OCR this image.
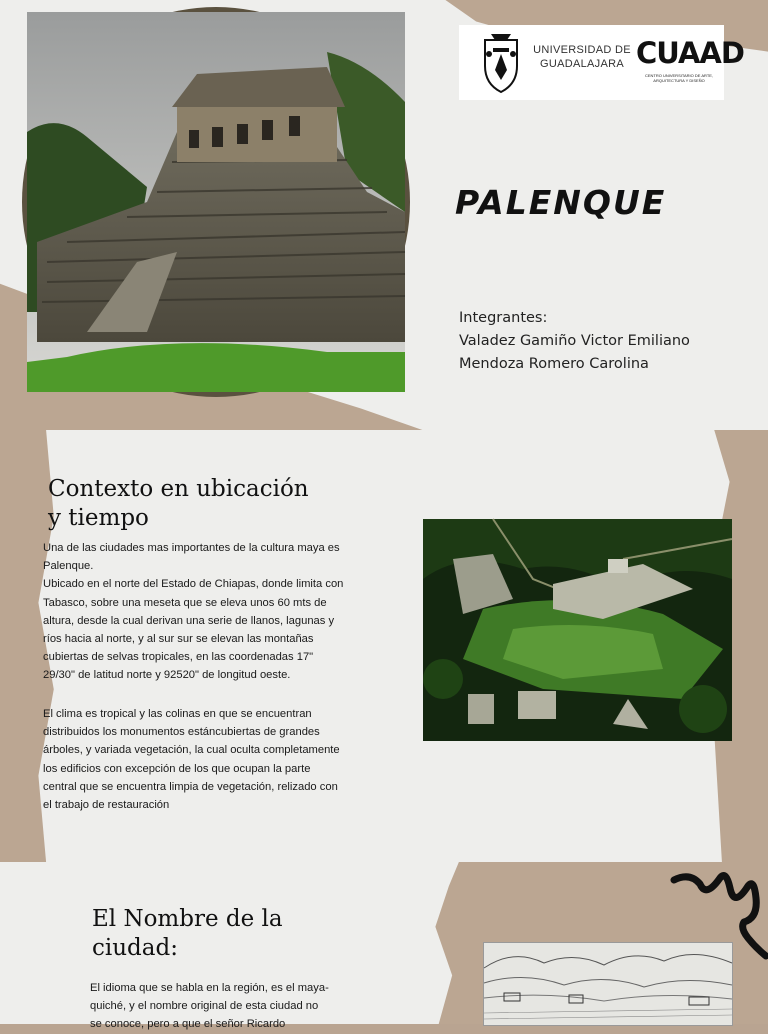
UNIVERSIDAD DE GUADALAJARA CUAAD
CENTRO UNIVERSITARIO DE ARTE, ARQUITECTURA Y DISEÑO
PALENQUE
Integrantes:
Valadez Gamiño Victor Emiliano
Mendoza Romero Carolina
Contexto en ubicación
y tiempo
Una de las ciudades mas importantes de la cultura maya es
Palenque.
Ubicado en el norte del Estado de Chiapas, donde limita con
Tabasco, sobre una meseta que se eleva unos 60 mts de
altura, desde la cual derivan una serie de llanos, lagunas y
ríos hacia al norte, y al sur sur se elevan las montañas
cubiertas de selvas tropicales, en las coordenadas 17"
29/30" de latitud norte y 92520" de longitud oeste.
El clima es tropical y las colinas en que se encuentran
distribuidos los monumentos estáncubiertas de grandes
árboles, y variada vegetación, la cual oculta completamente
los edificios con excepción de los que ocupan la parte
central que se encuentra limpia de vegetación, relizado con
el trabajo de restauración
El Nombre de la
ciudad:
El idioma que se habla en la región, es el maya-
quiché, y el nombre original de esta ciudad no
se conoce, pero a que el señor Ricardo
